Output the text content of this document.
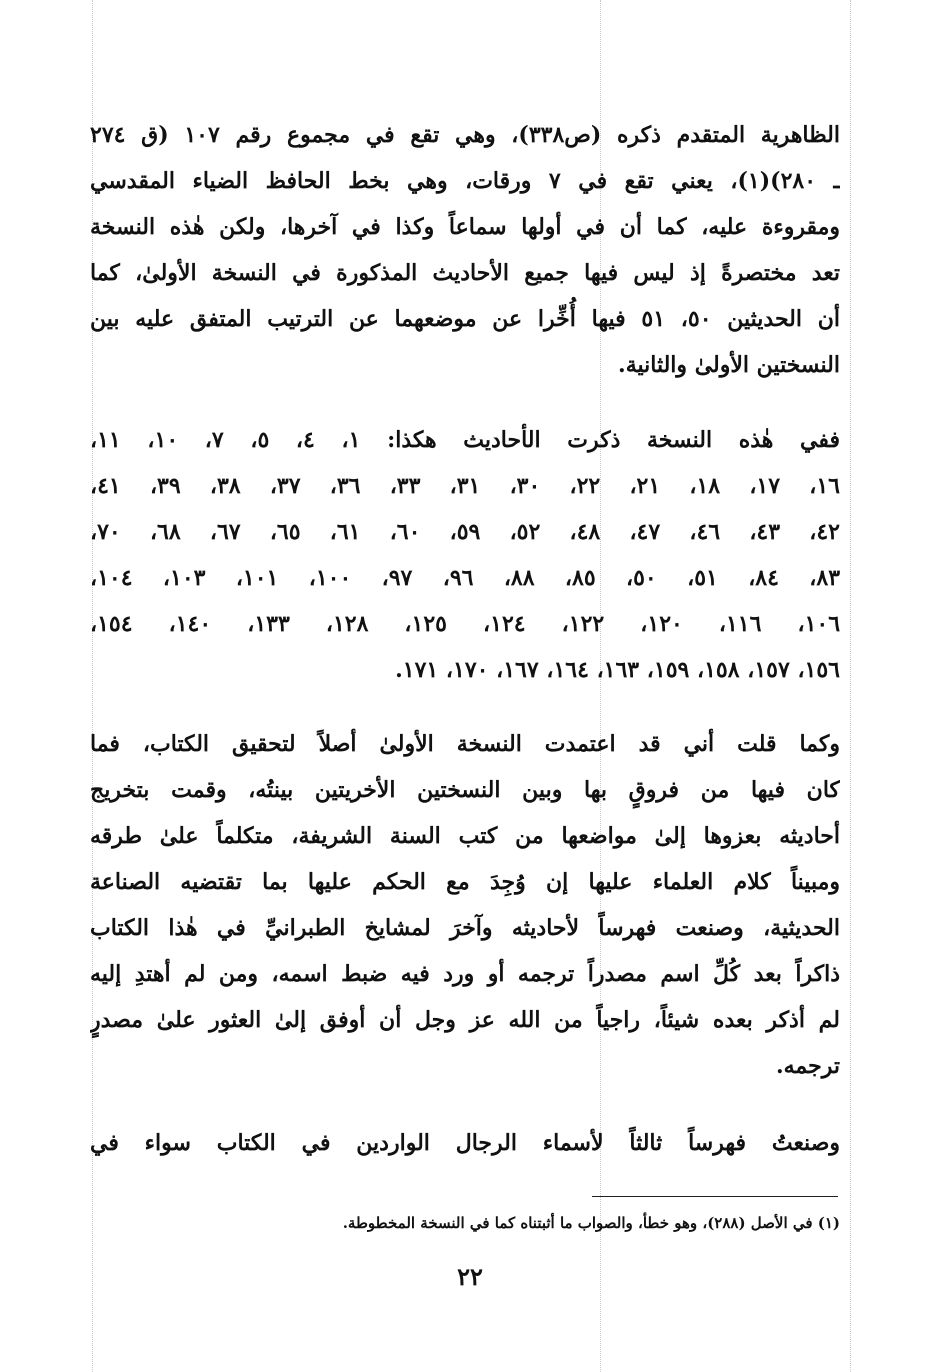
الظاهرية المتقدم ذكره (ص٣٣٨)، وهي تقع في مجموع رقم ١٠٧ (ق ٢٧٤
ـ ٢٨٠)(١)، يعني تقع في ٧ ورقات، وهي بخط الحافظ الضياء المقدسي
ومقروءة عليه، كما أن في أولها سماعاً وكذا في آخرها، ولكن هٰذه النسخة
تعد مختصرةً إذ ليس فيها جميع الأحاديث المذكورة في النسخة الأولىٰ، كما
أن الحديثين ٥٠، ٥١ فيها أُخِّرا عن موضعهما عن الترتيب المتفق عليه بين
النسختين الأولىٰ والثانية.
ففي هٰذه النسخة ذكرت الأحاديث هكذا: ١، ٤، ٥، ٧، ١٠، ١١،
١٦، ١٧، ١٨، ٢١، ٢٢، ٣٠، ٣١، ٣٣، ٣٦، ٣٧، ٣٨، ٣٩، ٤١،
٤٢، ٤٣، ٤٦، ٤٧، ٤٨، ٥٢، ٥٩، ٦٠، ٦١، ٦٥، ٦٧، ٦٨، ٧٠،
٨٣، ٨٤، ٥١، ٥٠، ٨٥، ٨٨، ٩٦، ٩٧، ١٠٠، ١٠١، ١٠٣، ١٠٤،
١٠٦، ١١٦، ١٢٠، ١٢٢، ١٢٤، ١٢٥، ١٢٨، ١٣٣، ١٤٠، ١٥٤،
١٥٦، ١٥٧، ١٥٨، ١٥٩، ١٦٣، ١٦٤، ١٦٧، ١٧٠، ١٧١.
وكما قلت أني قد اعتمدت النسخة الأولىٰ أصلاً لتحقيق الكتاب، فما
كان فيها من فروقٍ بها وبين النسختين الأخريتين بينتُه، وقمت بتخريج
أحاديثه بعزوها إلىٰ مواضعها من كتب السنة الشريفة، متكلماً علىٰ طرقه
ومبيناً كلام العلماء عليها إن وُجِدَ مع الحكم عليها بما تقتضيه الصناعة
الحديثية، وصنعت فهرساً لأحاديثه وآخرَ لمشايخ الطبرانيِّ في هٰذا الكتاب
ذاكراً بعد كُلِّ اسم مصدراً ترجمه أو ورد فيه ضبط اسمه، ومن لم أهتدِ إليه
لم أذكر بعده شيئاً، راجياً من الله عز وجل أن أوفق إلىٰ العثور علىٰ مصدرٍ
ترجمه.
وصنعتُ فهرساً ثالثاً لأسماء الرجال الواردين في الكتاب سواء في
(١) في الأصل (٢٨٨)، وهو خطأ، والصواب ما أثبتناه كما في النسخة المخطوطة.
٢٢
